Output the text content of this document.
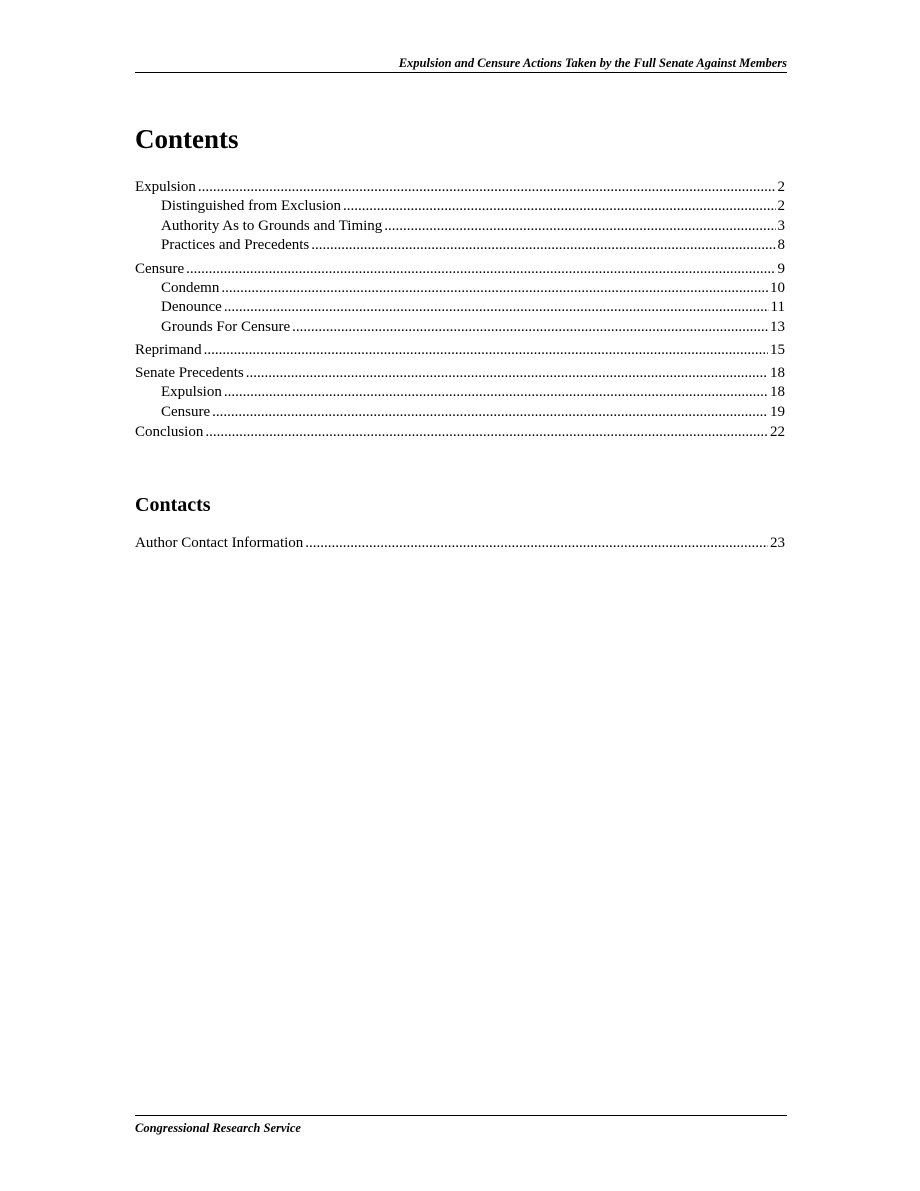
Expulsion and Censure Actions Taken by the Full Senate Against Members
Contents
Expulsion .....	2
Distinguished from Exclusion .....	2
Authority As to Grounds and Timing .....	3
Practices and Precedents .....	8
Censure .....	9
Condemn .....	10
Denounce .....	11
Grounds For Censure .....	13
Reprimand .....	15
Senate Precedents .....	18
Expulsion .....	18
Censure .....	19
Conclusion .....	22
Contacts
Author Contact Information .....	23
Congressional Research Service
